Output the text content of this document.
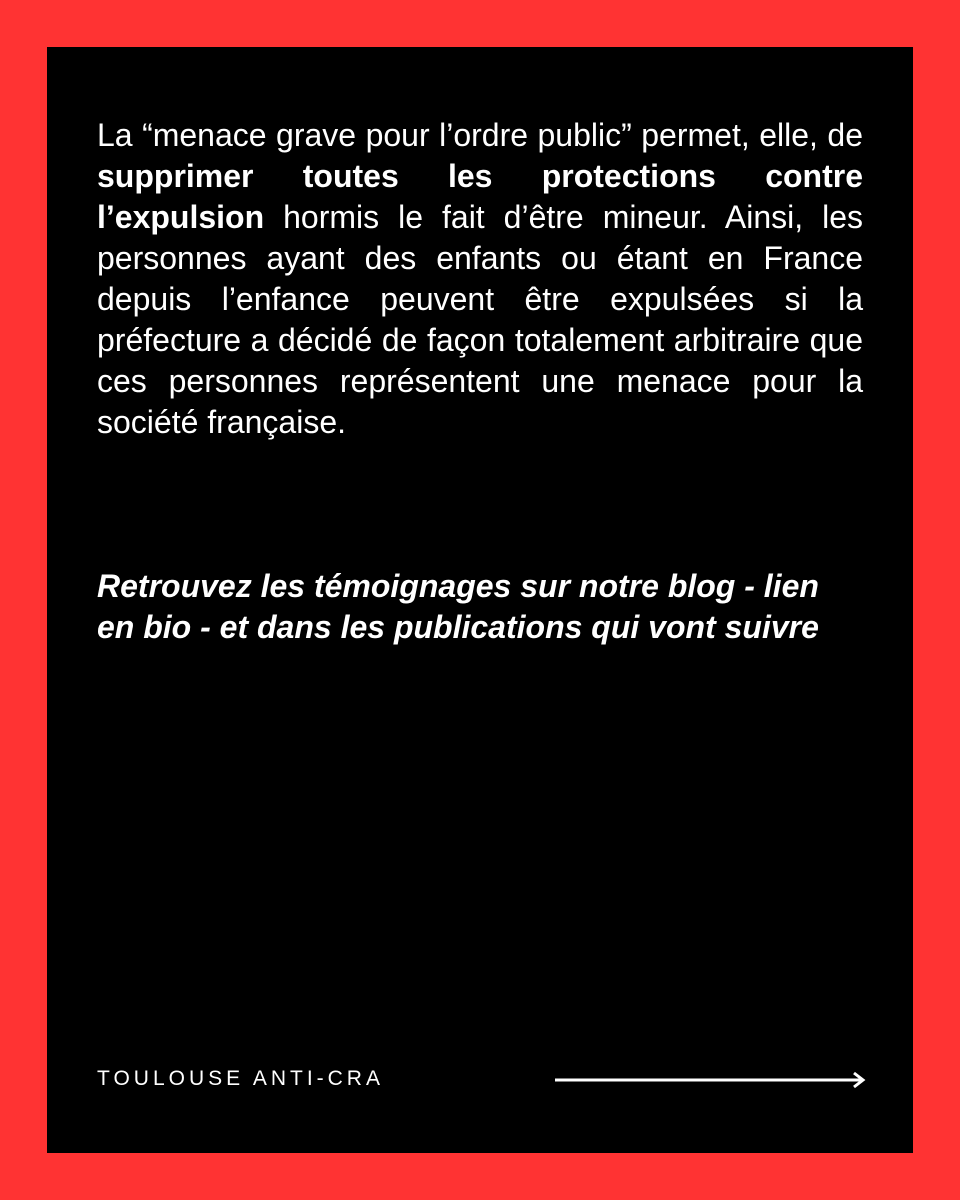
La “menace grave pour l’ordre public” permet, elle, de supprimer toutes les protections contre l’expulsion hormis le fait d’être mineur. Ainsi, les personnes ayant des enfants ou étant en France depuis l’enfance peuvent être expulsées si la préfecture a décidé de façon totalement arbitraire que ces personnes représentent une menace pour la société française.

Retrouvez les témoignages sur notre blog - lien en bio - et dans les publications qui vont suivre

TOULOUSE ANTI-CRA
